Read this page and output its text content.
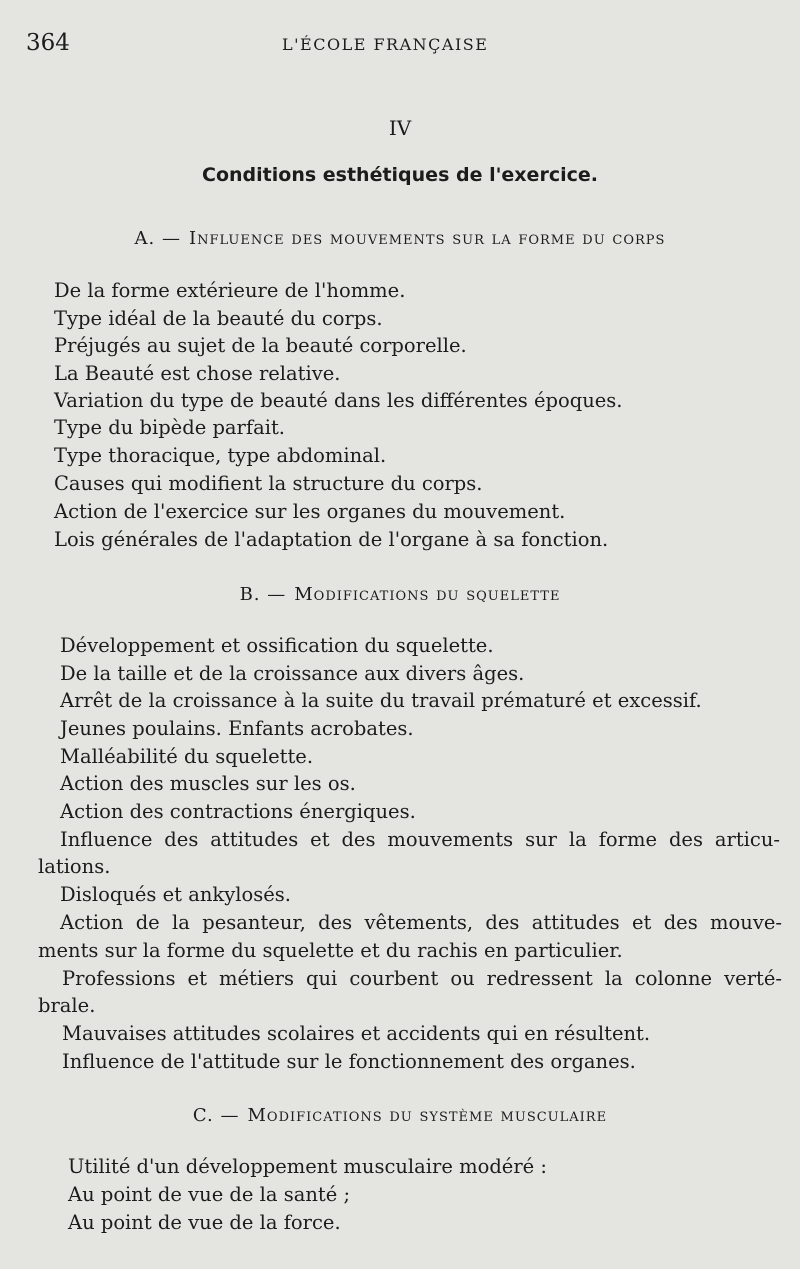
364	L'ÉCOLE FRANÇAISE
IV
Conditions esthétiques de l'exercice.
A. — Influence des mouvements sur la forme du corps
De la forme extérieure de l'homme.
Type idéal de la beauté du corps.
Préjugés au sujet de la beauté corporelle.
La Beauté est chose relative.
Variation du type de beauté dans les différentes époques.
Type du bipède parfait.
Type thoracique, type abdominal.
Causes qui modifient la structure du corps.
Action de l'exercice sur les organes du mouvement.
Lois générales de l'adaptation de l'organe à sa fonction.
B. — Modifications du squelette
Développement et ossification du squelette.
De la taille et de la croissance aux divers âges.
Arrêt de la croissance à la suite du travail prématuré et excessif.
Jeunes poulains. Enfants acrobates.
Malléabilité du squelette.
Action des muscles sur les os.
Action des contractions énergiques.
Influence des attitudes et des mouvements sur la forme des articu-
lations.
Disloqués et ankylosés.
Action de la pesanteur, des vêtements, des attitudes et des mouve-
ments sur la forme du squelette et du rachis en particulier.
Professions et métiers qui courbent ou redressent la colonne verté-
brale.
Mauvaises attitudes scolaires et accidents qui en résultent.
Influence de l'attitude sur le fonctionnement des organes.
C. — Modifications du système musculaire
Utilité d'un développement musculaire modéré :
Au point de vue de la santé ;
Au point de vue de la force.
